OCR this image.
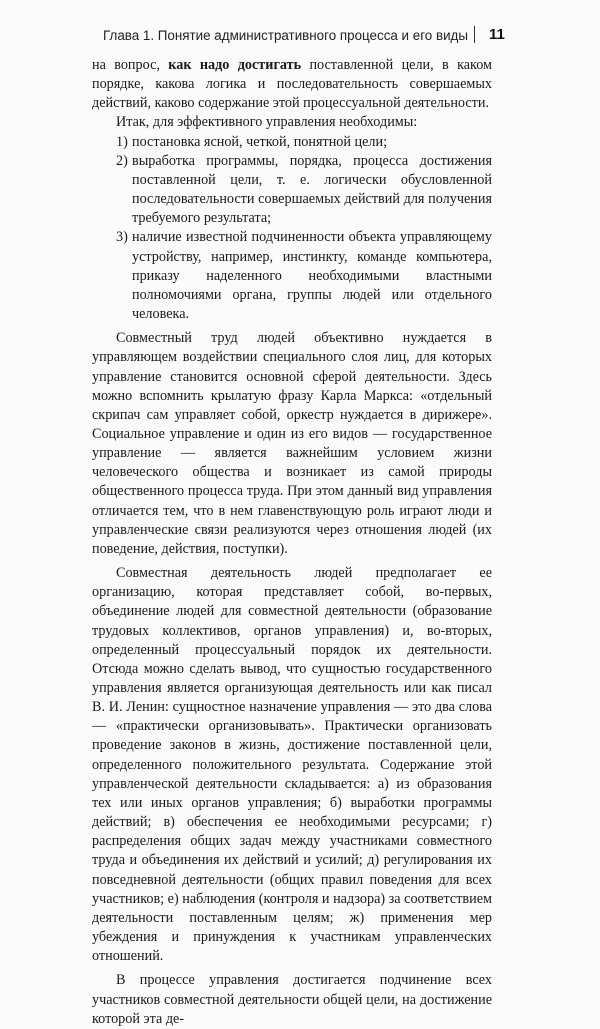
Глава 1. Понятие административного процесса и его виды 11

на вопрос, как надо достигать поставленной цели, в каком порядке, какова логика и последовательность совершаемых действий, каково содержание этой процессуальной деятельности.

Итак, для эффективного управления необходимы:

1) постановка ясной, четкой, понятной цели;
2) выработка программы, порядка, процесса достижения поставленной цели, т. е. логически обусловленной последовательности совершаемых действий для получения требуемого результата;
3) наличие известной подчиненности объекта управляющему устройству, например, инстинкту, команде компьютера, приказу наделенного необходимыми властными полномочиями органа, группы людей или отдельного человека.

Совместный труд людей объективно нуждается в управляющем воздействии специального слоя лиц, для которых управление становится основной сферой деятельности. Здесь можно вспомнить крылатую фразу Карла Маркса: «отдельный скрипач сам управляет собой, оркестр нуждается в дирижере». Социальное управление и один из его видов — государственное управление — является важнейшим условием жизни человеческого общества и возникает из самой природы общественного процесса труда. При этом данный вид управления отличается тем, что в нем главенствующую роль играют люди и управленческие связи реализуются через отношения людей (их поведение, действия, поступки).

Совместная деятельность людей предполагает ее организацию, которая представляет собой, во-первых, объединение людей для совместной деятельности (образование трудовых коллективов, органов управления) и, во-вторых, определенный процессуальный порядок их деятельности. Отсюда можно сделать вывод, что сущностью государственного управления является организующая деятельность или как писал В. И. Ленин: сущностное назначение управления — это два слова — «практически организовывать». Практически организовать проведение законов в жизнь, достижение поставленной цели, определенного положительного результата. Содержание этой управленческой деятельности складывается: а) из образования тех или иных органов управления; б) выработки программы действий; в) обеспечения ее необходимыми ресурсами; г) распределения общих задач между участниками совместного труда и объединения их действий и усилий; д) регулирования их повседневной деятельности (общих правил поведения для всех участников; е) наблюдения (контроля и надзора) за соответствием деятельности поставленным целям; ж) применения мер убеждения и принуждения к участникам управленческих отношений.

В процессе управления достигается подчинение всех участников совместной деятельности общей цели, на достижение которой эта де-
